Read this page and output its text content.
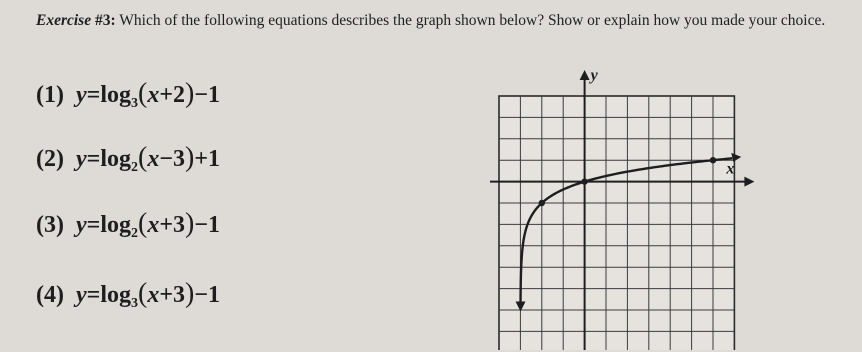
Exercise #3: Which of the following equations describes the graph shown below? Show or explain how you made your choice.
(1) $y=\log_3(x+2)-1$
(2) $y=\log_2(x-3)+1$
(3) $y=\log_2(x+3)-1$
(4) $y=\log_3(x+3)-1$
x
y
